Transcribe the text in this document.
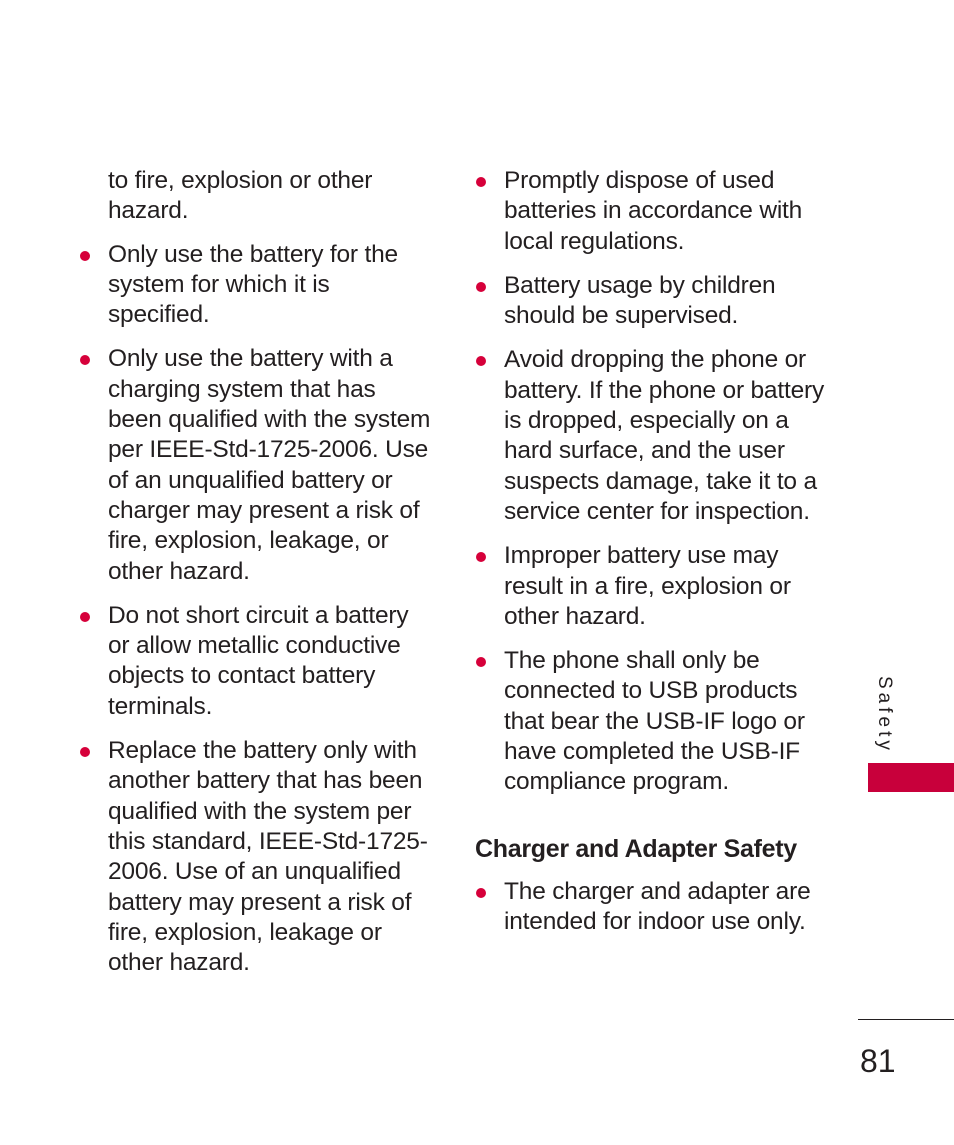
to fire, explosion or other hazard.

Only use the battery for the system for which it is specified.
Only use the battery with a charging system that has been qualified with the system per IEEE-Std-1725-2006. Use of an unqualified battery or charger may present a risk of fire, explosion, leakage, or other hazard.
Do not short circuit a battery or allow metallic conductive objects to contact battery terminals.
Replace the battery only with another battery that has been qualified with the system per this standard, IEEE-Std-1725-2006. Use of an unqualified battery may present a risk of fire, explosion, leakage or other hazard.
Promptly dispose of used batteries in accordance with local regulations.
Battery usage by children should be supervised.
Avoid dropping the phone or battery. If the phone or battery is dropped, especially on a hard surface, and the user suspects damage, take it to a service center for inspection.
Improper battery use may result in a fire, explosion or other hazard.
The phone shall only be connected to USB products that bear the USB-IF logo or have completed the USB-IF compliance program.
Charger and Adapter Safety
The charger and adapter are intended for indoor use only.
Safety
81
